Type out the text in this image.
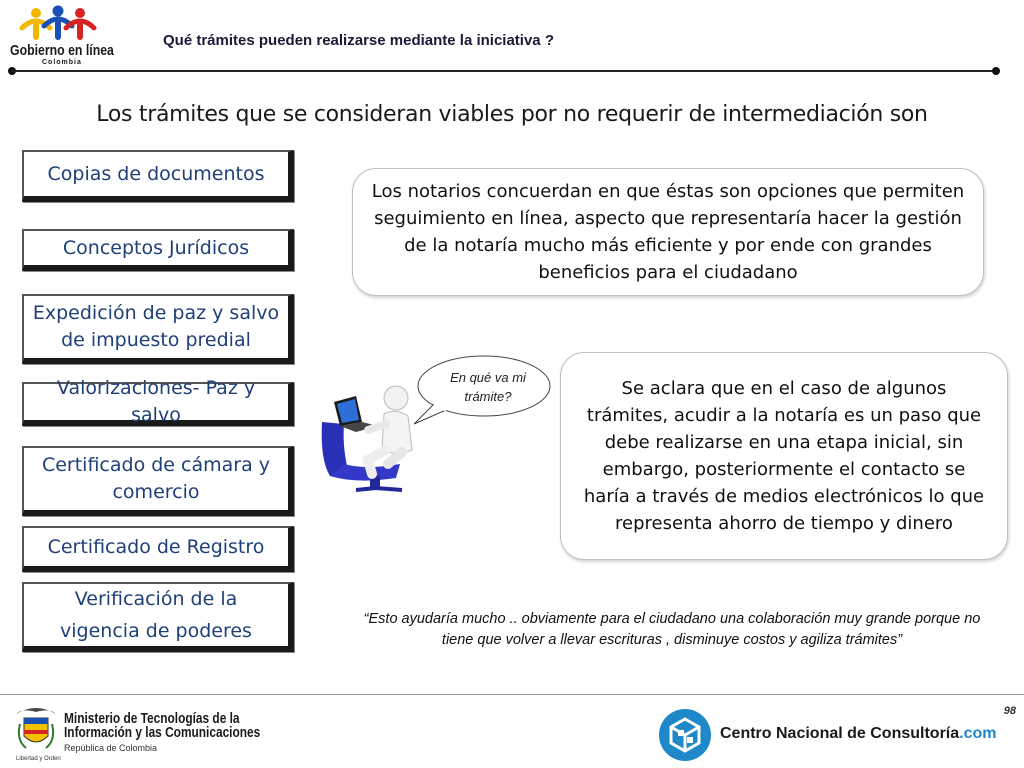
Gobierno en línea
Colombia
Qué trámites pueden realizarse mediante la iniciativa ?
Los trámites que se consideran viables por no requerir de intermediación son
Copias de documentos
Conceptos Jurídicos
Expedición de paz y salvo de impuesto predial
Valorizaciones- Paz y salvo
Certificado de cámara y comercio
Certificado de Registro
Verificación de la vigencia de poderes
Los notarios concuerdan en que éstas son opciones que permiten seguimiento en línea, aspecto que representaría hacer la gestión de la notaría mucho más eficiente y por ende con grandes beneficios para el ciudadano
Se aclara que en el caso de algunos trámites, acudir a la notaría es un paso que debe realizarse en una etapa inicial, sin embargo, posteriormente el contacto se haría a través de medios electrónicos lo que representa ahorro de tiempo y dinero
En qué va mi trámite?
“Esto ayudaría mucho .. obviamente para el ciudadano una colaboración muy grande porque no tiene que volver a llevar escrituras , disminuye costos y agiliza trámites”
98
Libertad y Orden
Ministerio de Tecnologías de la
Información y las Comunicaciones
República de Colombia
Centro Nacional de Consultoría.com
